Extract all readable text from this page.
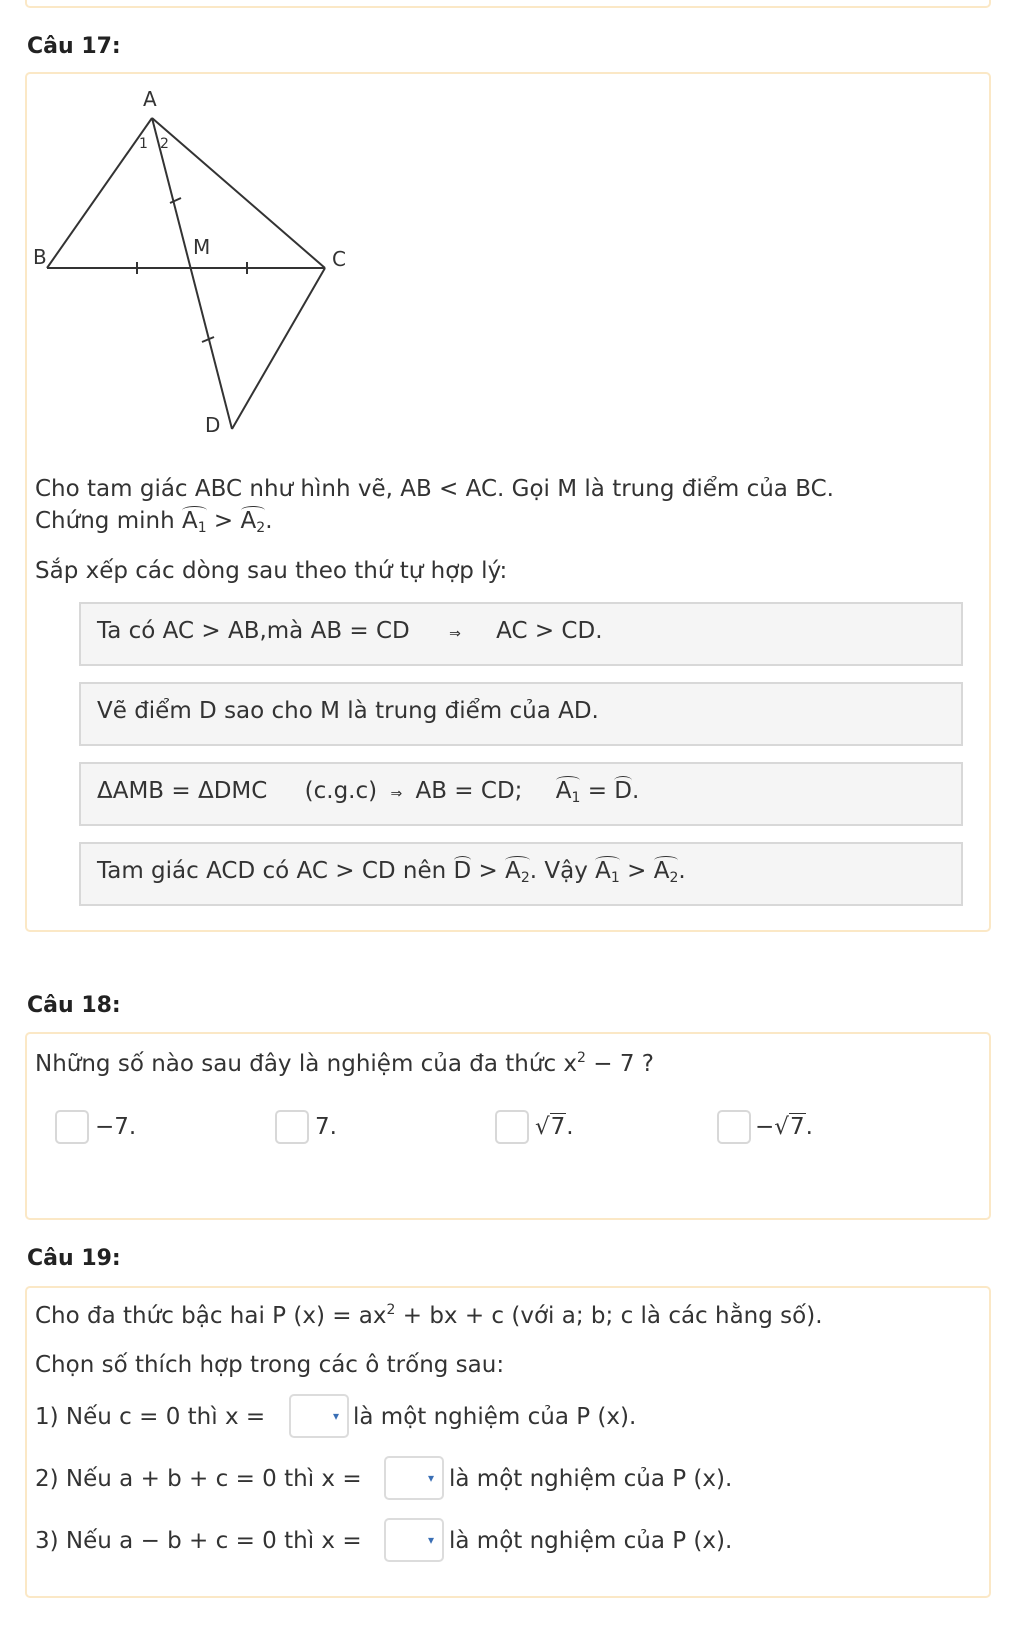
Câu 17:
A
B	C
D
M
1 2
Cho tam giác ABC như hình vẽ, AB < AC. Gọi M là trung điểm của BC.
Chứng minh $A_1 > A_2$.
Sắp xếp các dòng sau theo thứ tự hợp lý:
Ta có AC > AB,mà AB = CD	⇒ AC > CD.
Vẽ điểm D sao cho M là trung điểm của AD.
ΔAMB = ΔDMC (c.g.c) ⇒ AB = CD; $A_1 = D$.
Tam giác ACD có AC > CD nên $D > A_2$. Vậy $A_1 > A_2$.
Câu 18:
Những số nào sau đây là nghiệm của đa thức $x^2 - 7$ ?
−7.	7.	√7.	−√7.
Câu 19:
Cho đa thức bậc hai P $(x) = ax^2$ + bx + c (với a; b; c là các hằng số).
Chọn số thích hợp trong các ô trống sau:
1) Nếu c = 0 thì x =	▾ là một nghiệm của P (x).
2) Nếu a + b + c = 0 thì x =	▾ là một nghiệm của P (x).
3) Nếu a − b + c = 0 thì x =	▾ là một nghiệm của P (x).
